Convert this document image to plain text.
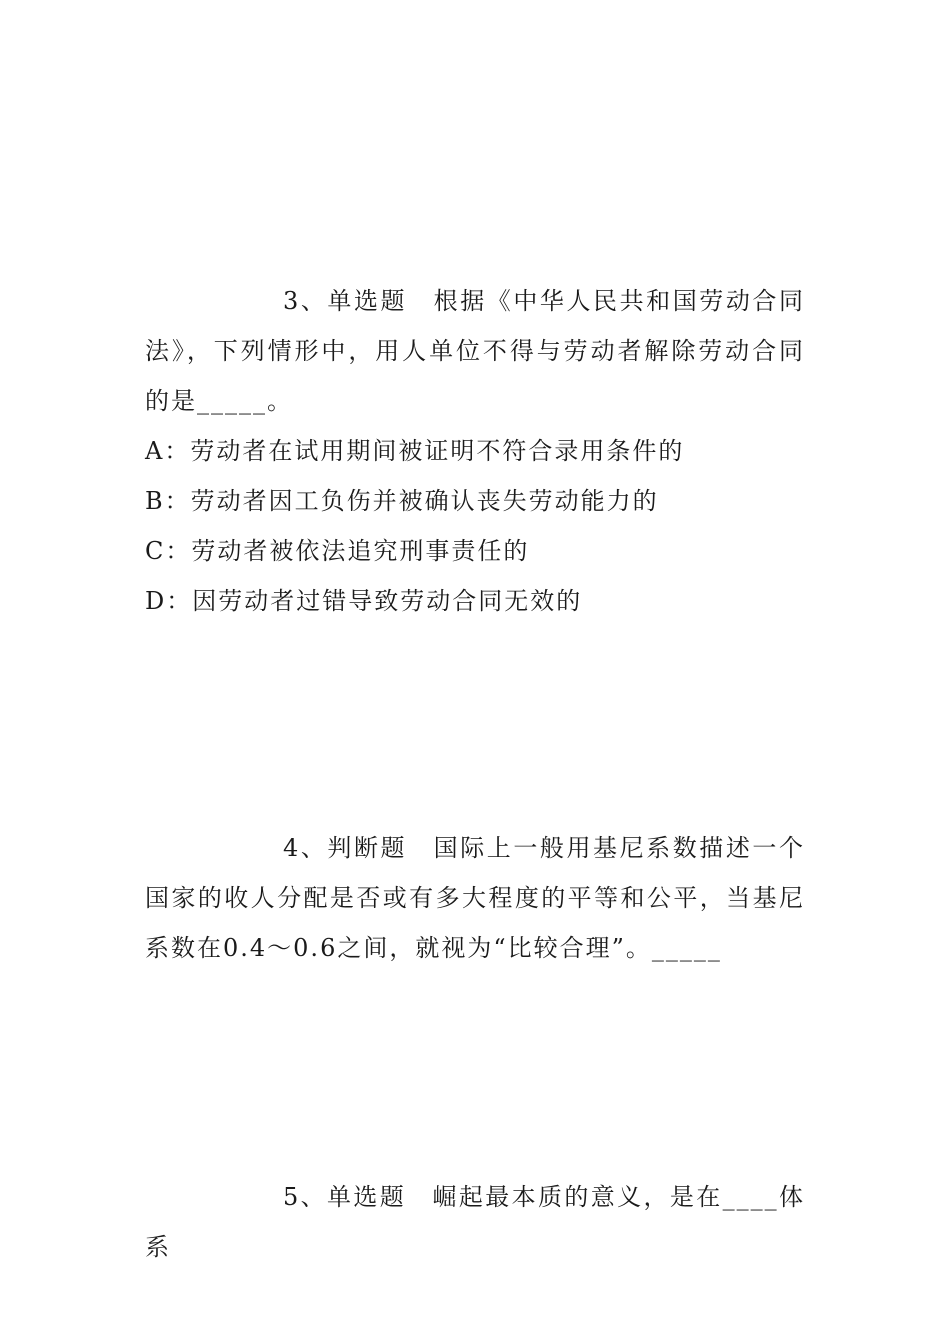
3、单选题　根据《中华人民共和国劳动合同法》，下列情形中，用人单位不得与劳动者解除劳动合同的是_____。

A：劳动者在试用期间被证明不符合录用条件的
B：劳动者因工负伤并被确认丧失劳动能力的
C：劳动者被依法追究刑事责任的
D：因劳动者过错导致劳动合同无效的

4、判断题　国际上一般用基尼系数描述一个国家的收人分配是否或有多大程度的平等和公平，当基尼系数在0.4～0.6之间，就视为“比较合理”。_____

5、单选题　崛起最本质的意义，是在____体系
